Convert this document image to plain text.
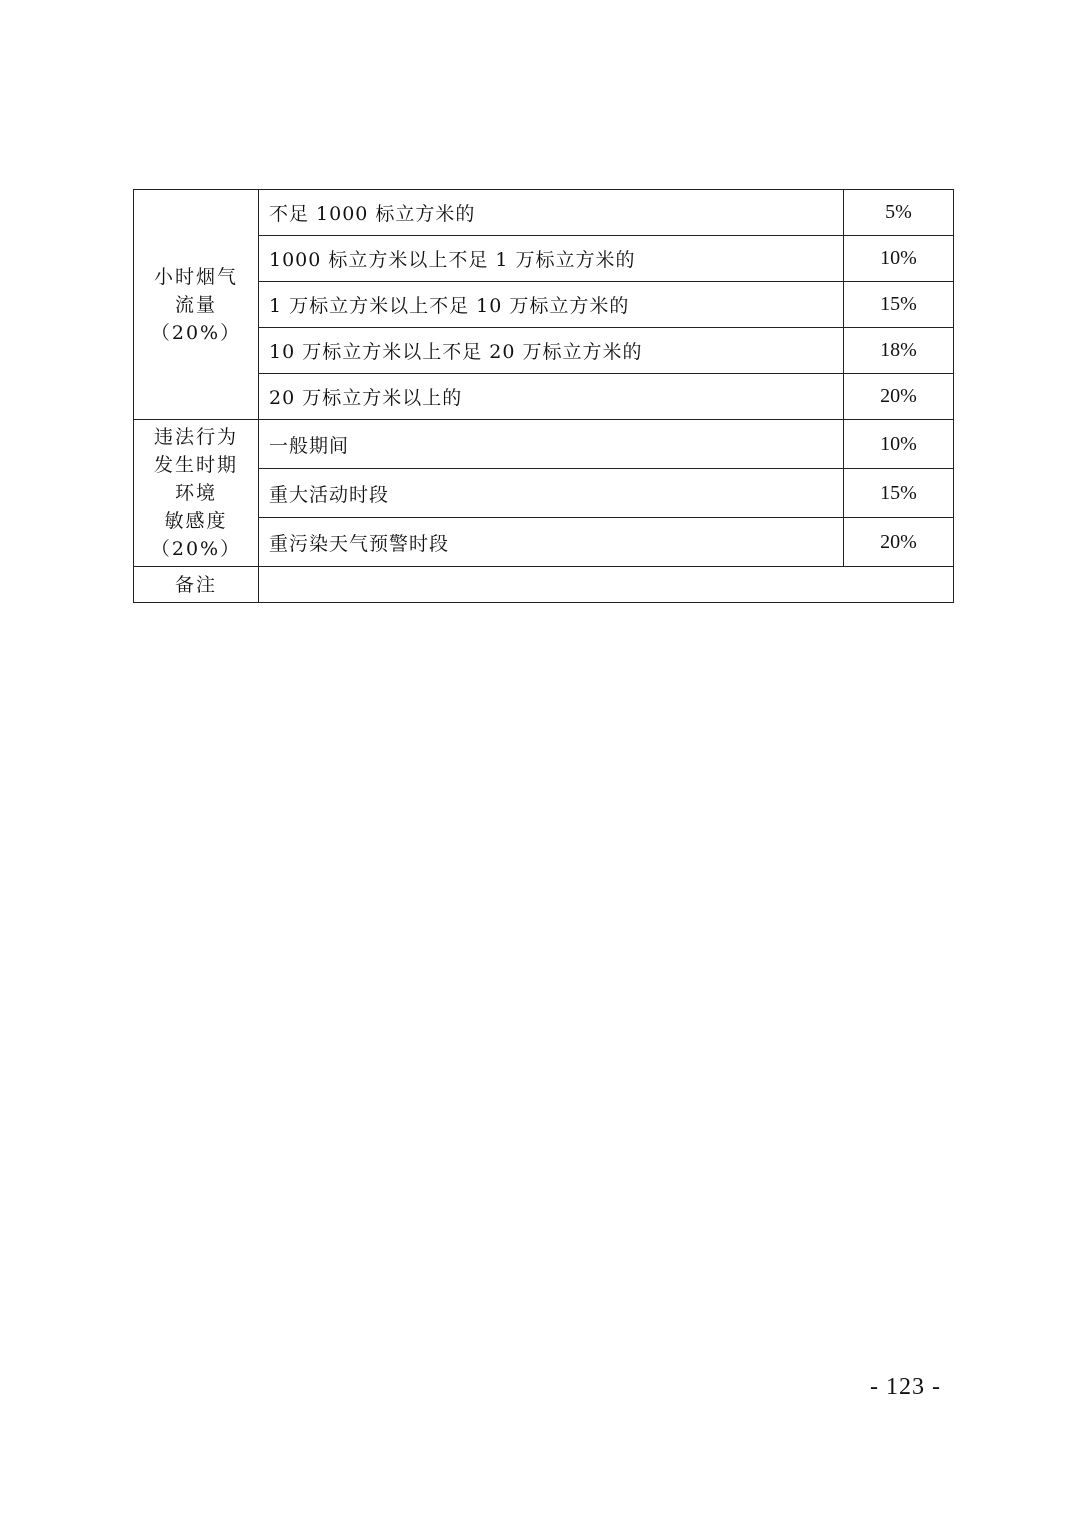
小时烟气
流量
（20%）	不足 1000 标立方米的	5%
	1000 标立方米以上不足 1 万标立方米的	10%
	1 万标立方米以上不足 10 万标立方米的	15%
	10 万标立方米以上不足 20 万标立方米的	18%
	20 万标立方米以上的	20%

违法行为
发生时期
环境
敏感度
（20%）	一般期间	10%
	重大活动时段	15%
	重污染天气预警时段	20%
备注		
- 123 -
